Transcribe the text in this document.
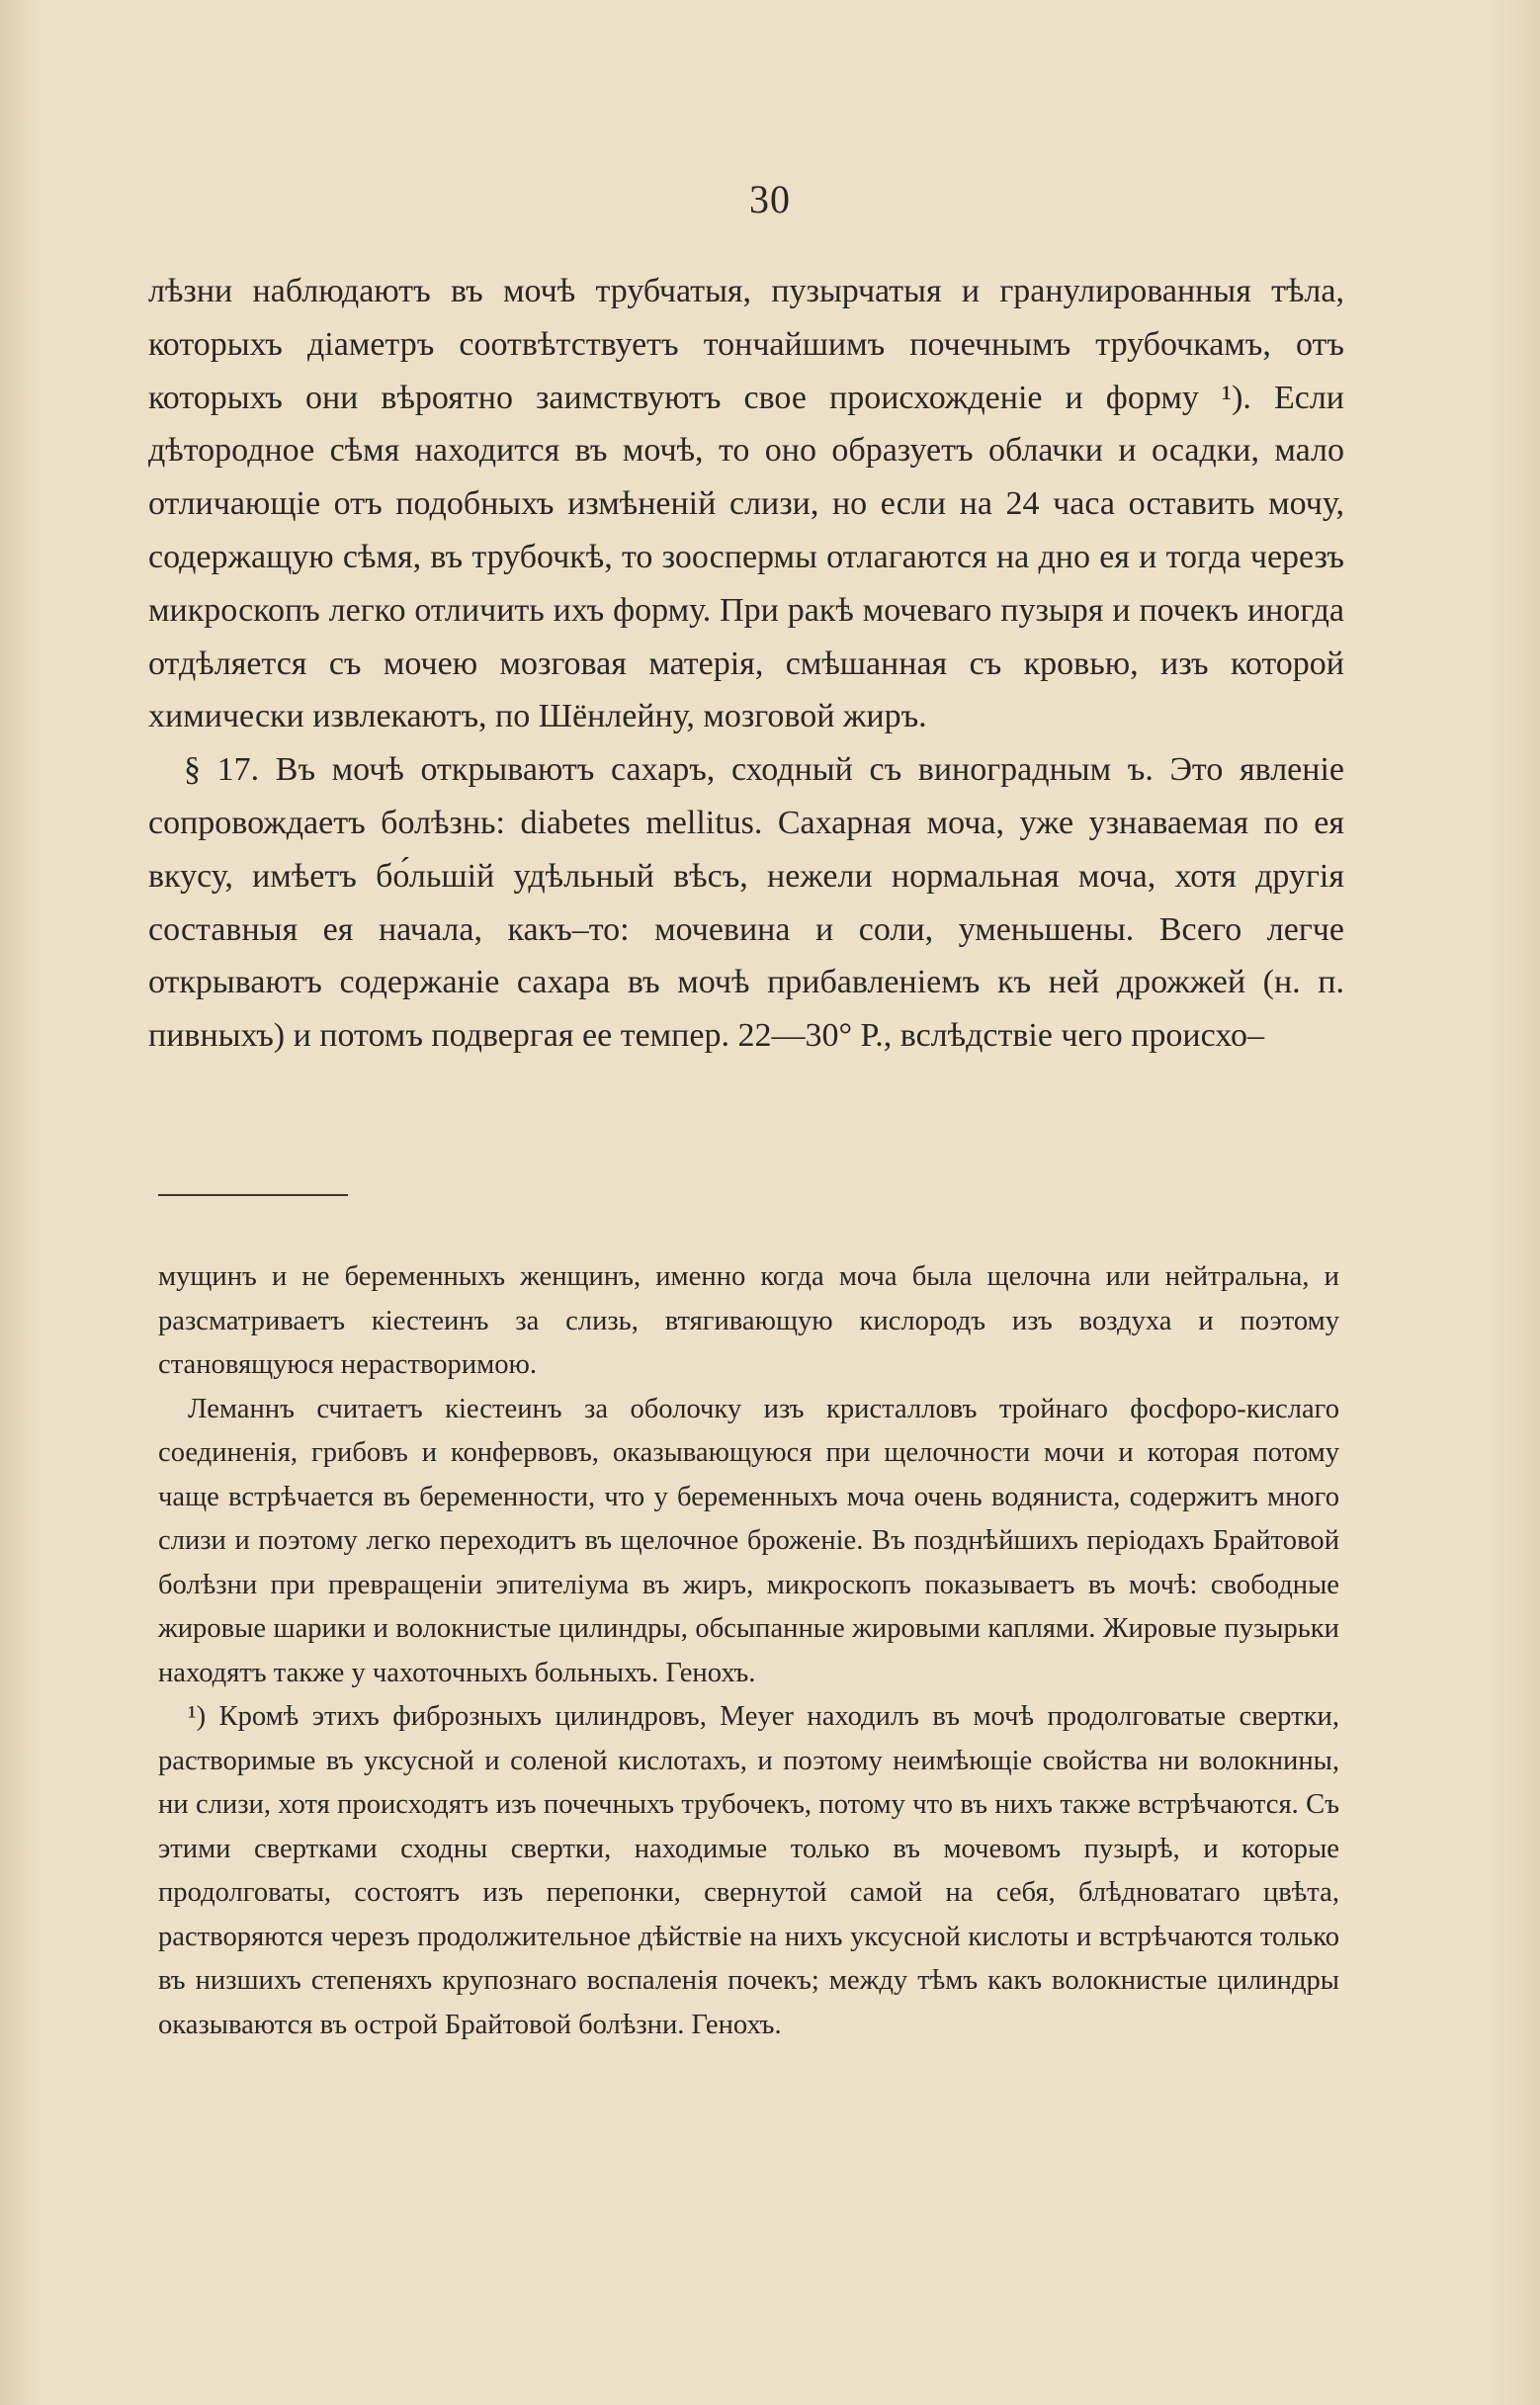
30

лѣзни наблюдаютъ въ мочѣ трубчатыя, пузырчатыя и гранулированныя тѣла, которыхъ діаметръ соотвѣтствуетъ тончайшимъ почечнымъ трубочкамъ, отъ которыхъ они вѣроятно заимствуютъ свое происхожденіе и форму ¹). Если дѣтородное сѣмя находится въ мочѣ, то оно образуетъ облачки и осадки, мало отличающіе отъ подобныхъ измѣненій слизи, но если на 24 часа оставить мочу, содержащую сѣмя, въ трубочкѣ, то зооспермы отлагаются на дно ея и тогда черезъ микроскопъ легко отличить ихъ форму. При ракѣ мочеваго пузыря и почекъ иногда отдѣляется съ мочею мозговая матерія, смѣшанная съ кровью, изъ которой химически извлекаютъ, по Шёнлейну, мозговой жиръ.

§ 17. Въ мочѣ открываютъ сахаръ, сходный съ виноградным ъ. Это явленіе сопровождаетъ болѣзнь: diabetes mellitus. Сахарная моча, уже узнаваемая по ея вкусу, имѣетъ бо́льшій удѣльный вѣсъ, нежели нормальная моча, хотя другія составныя ея начала, какъ–то: мочевина и соли, уменьшены. Всего легче открываютъ содержаніе сахара въ мочѣ прибавленіемъ къ ней дрожжей (н. п. пивныхъ) и потомъ подвергая ее темпер. 22—30° Р., вслѣдствіе чего происхо–

мущинъ и не беременныхъ женщинъ, именно когда моча была щелочна или нейтральна, и разсматриваетъ кіестеинъ за слизь, втягивающую кислородъ изъ воздуха и поэтому становящуюся нерастворимою.

Леманнъ считаетъ кіестеинъ за оболочку изъ кристалловъ тройнаго фосфоро-кислаго соединенія, грибовъ и конфервовъ, оказывающуюся при щелочности мочи и которая потому чаще встрѣчается въ беременности, что у беременныхъ моча очень водяниста, содержитъ много слизи и поэтому легко переходитъ въ щелочное броженіе. Въ позднѣйшихъ періодахъ Брайтовой болѣзни при превращеніи эпителіума въ жиръ, микроскопъ показываетъ въ мочѣ: свободные жировые шарики и волокнистые цилиндры, обсыпанные жировыми каплями. Жировые пузырьки находятъ также у чахоточныхъ больныхъ. Генохъ.

¹) Кромѣ этихъ фиброзныхъ цилиндровъ, Meyer находилъ въ мочѣ продолговатые свертки, растворимые въ уксусной и соленой кислотахъ, и поэтому неимѣющіе свойства ни волокнины, ни слизи, хотя происходятъ изъ почечныхъ трубочекъ, потому что въ нихъ также встрѣчаются. Съ этими свертками сходны свертки, находимые только въ мочевомъ пузырѣ, и которые продолговаты, состоятъ изъ перепонки, свернутой самой на себя, блѣдноватаго цвѣта, растворяются черезъ продолжительное дѣйствіе на нихъ уксусной кислоты и встрѣчаются только въ низшихъ степеняхъ крупознаго воспаленія почекъ; между тѣмъ какъ волокнистые цилиндры оказываются въ острой Брайтовой болѣзни. Генохъ.
